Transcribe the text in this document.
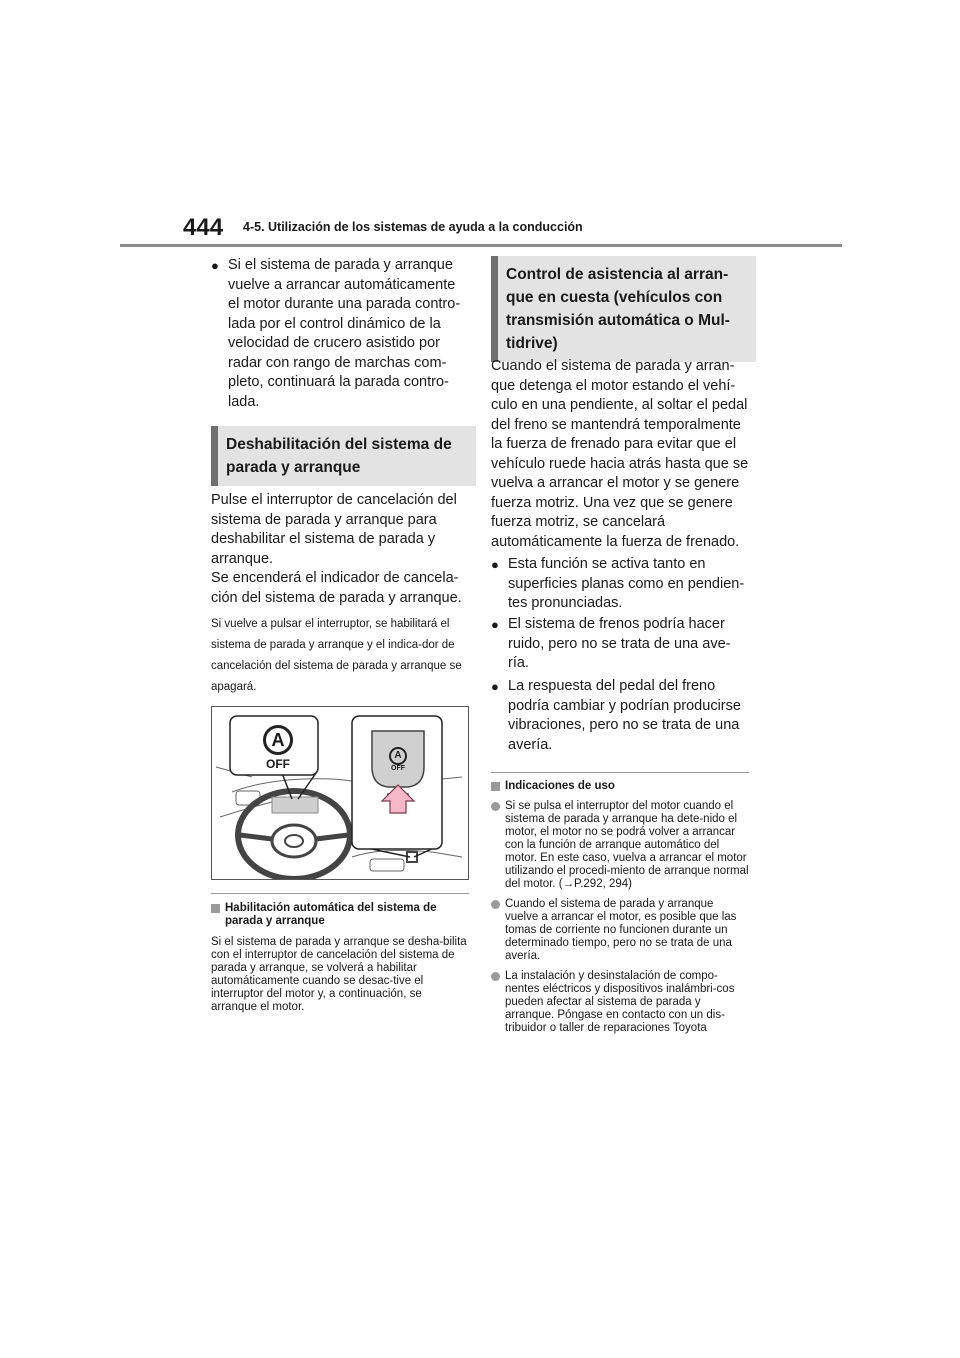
444 4-5. Utilización de los sistemas de ayuda a la conducción
● Si el sistema de parada y arranque vuelve a arrancar automáticamente el motor durante una parada contro-lada por el control dinámico de la velocidad de crucero asistido por radar con rango de marchas com-pleto, continuará la parada contro-lada.
Deshabilitación del sistema de parada y arranque
Pulse el interruptor de cancelación del sistema de parada y arranque para deshabilitar el sistema de parada y arranque.
Se encenderá el indicador de cancela-ción del sistema de parada y arranque.
Si vuelve a pulsar el interruptor, se habilitará el sistema de parada y arranque y el indica-dor de cancelación del sistema de parada y arranque se apagará.
A
OFF
A
OFF
Habilitación automática del sistema de parada y arranque
Si el sistema de parada y arranque se desha-bilita con el interruptor de cancelación del sistema de parada y arranque, se volverá a habilitar automáticamente cuando se desac-tive el interruptor del motor y, a continuación, se arranque el motor.
Control de asistencia al arran-que en cuesta (vehículos con transmisión automática o Mul-tidrive)
Cuando el sistema de parada y arran-que detenga el motor estando el vehí-culo en una pendiente, al soltar el pedal del freno se mantendrá temporalmente la fuerza de frenado para evitar que el vehículo ruede hacia atrás hasta que se vuelva a arrancar el motor y se genere fuerza motriz. Una vez que se genere fuerza motriz, se cancelará automáticamente la fuerza de frenado.
● Esta función se activa tanto en superficies planas como en pendien-tes pronunciadas.
● El sistema de frenos podría hacer ruido, pero no se trata de una ave-ría.
● La respuesta del pedal del freno podría cambiar y podrían producirse vibraciones, pero no se trata de una avería.
Indicaciones de uso
Si se pulsa el interruptor del motor cuando el sistema de parada y arranque ha dete-nido el motor, el motor no se podrá volver a arrancar con la función de arranque automático del motor. En este caso, vuelva a arrancar el motor utilizando el procedi-miento de arranque normal del motor. (→P.292, 294)
Cuando el sistema de parada y arranque vuelve a arrancar el motor, es posible que las tomas de corriente no funcionen durante un determinado tiempo, pero no se trata de una avería.
La instalación y desinstalación de compo-nentes eléctricos y dispositivos inalámbri-cos pueden afectar al sistema de parada y arranque. Póngase en contacto con un dis-tribuidor o taller de reparaciones Toyota
